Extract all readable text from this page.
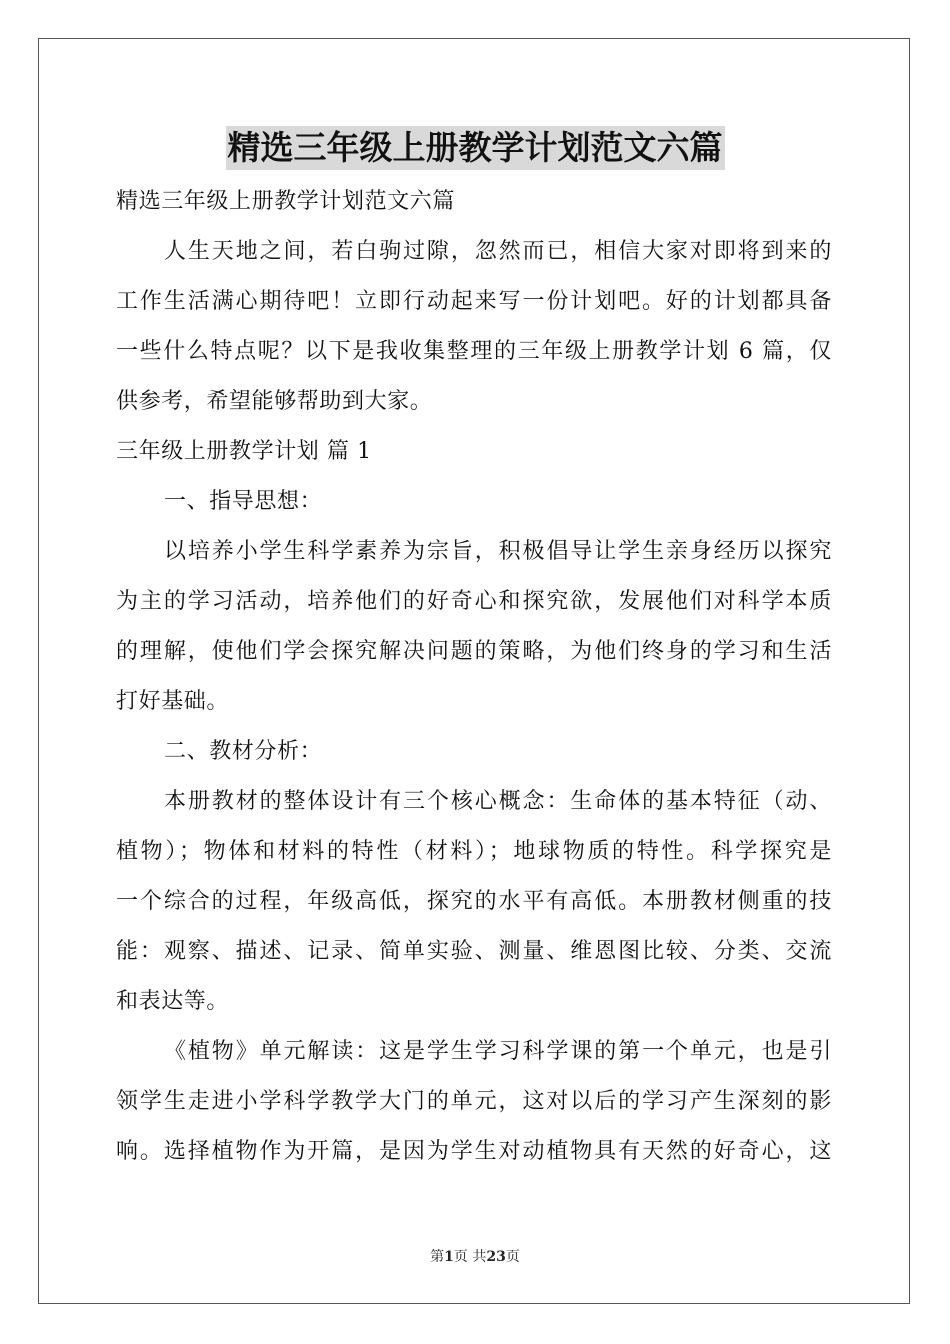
精选三年级上册教学计划范文六篇
精选三年级上册教学计划范文六篇
人生天地之间，若白驹过隙，忽然而已，相信大家对即将到来的
工作生活满心期待吧！立即行动起来写一份计划吧。好的计划都具备
一些什么特点呢？以下是我收集整理的三年级上册教学计划 6 篇，仅
供参考，希望能够帮助到大家。
三年级上册教学计划 篇 1
一、指导思想：
以培养小学生科学素养为宗旨，积极倡导让学生亲身经历以探究
为主的学习活动，培养他们的好奇心和探究欲，发展他们对科学本质
的理解，使他们学会探究解决问题的策略，为他们终身的学习和生活
打好基础。
二、教材分析：
本册教材的整体设计有三个核心概念：生命体的基本特征（动、
植物）；物体和材料的特性（材料）；地球物质的特性。科学探究是
一个综合的过程，年级高低，探究的水平有高低。本册教材侧重的技
能：观察、描述、记录、简单实验、测量、维恩图比较、分类、交流
和表达等。
《植物》单元解读：这是学生学习科学课的第一个单元，也是引
领学生走进小学科学教学大门的单元，这对以后的学习产生深刻的影
响。选择植物作为开篇，是因为学生对动植物具有天然的好奇心，这
第1页 共23页
